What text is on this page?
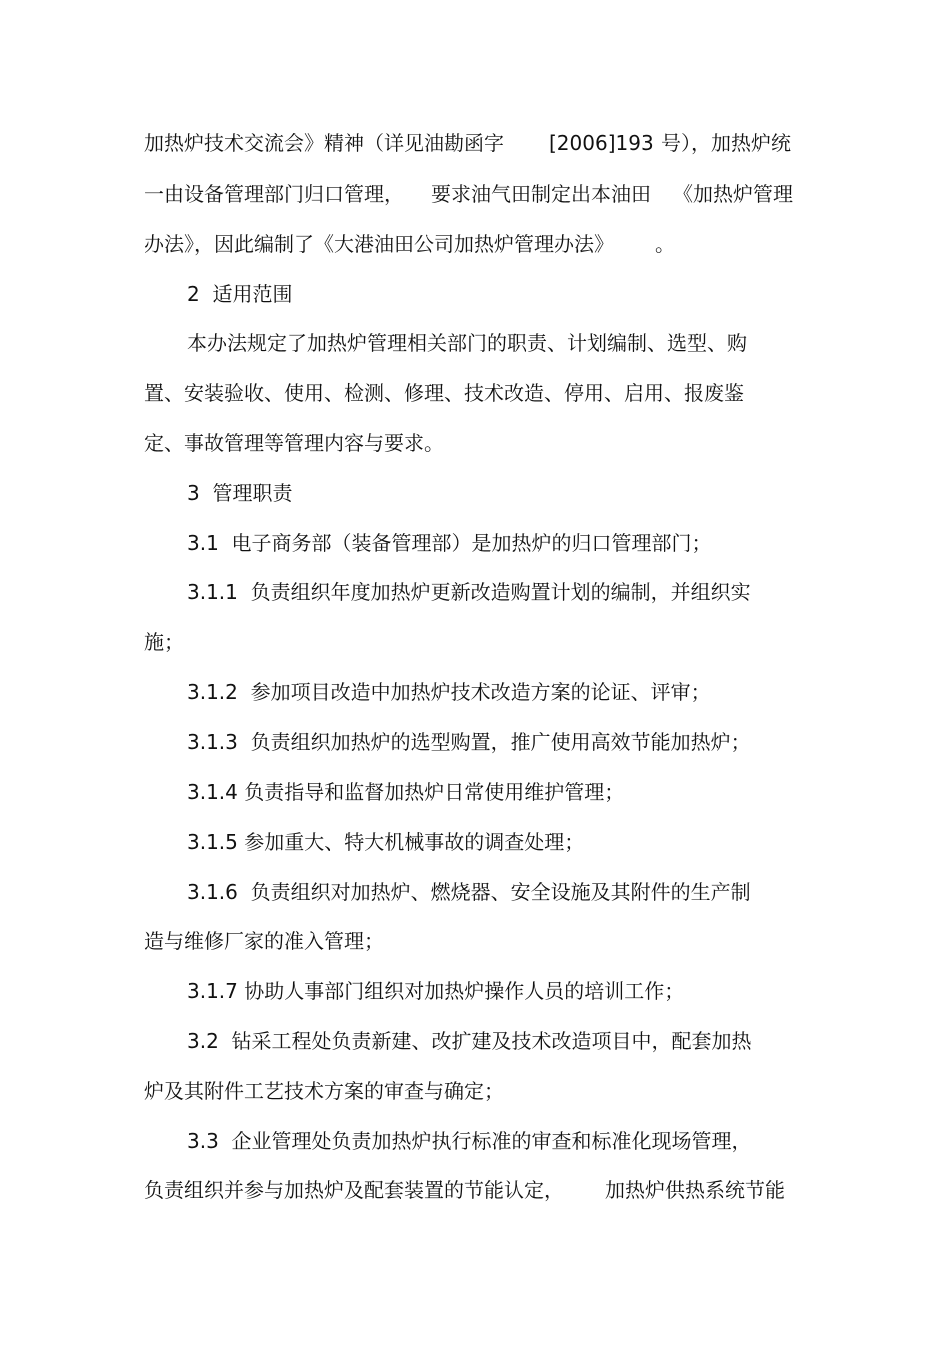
加热炉技术交流会》精神（详见油勘函字

[2006]193

号），加热炉统

一由设备管理部门归口管理，

要求油气田制定出本油田

《加热炉管理

办法》，因此编制了《大港油田公司加热炉管理办法》

。

2  适用范围

本办法规定了加热炉管理相关部门的职责、计划编制、选型、购

置、安装验收、使用、检测、修理、技术改造、停用、启用、报废鉴

定、事故管理等管理内容与要求。

3  管理职责

3.1  电子商务部（装备管理部）是加热炉的归口管理部门；

3.1.1  负责组织年度加热炉更新改造购置计划的编制，并组织实

施；

3.1.2  参加项目改造中加热炉技术改造方案的论证、评审；

3.1.3  负责组织加热炉的选型购置，推广使用高效节能加热炉；

3.1.4 负责指导和监督加热炉日常使用维护管理；

3.1.5 参加重大、特大机械事故的调查处理；

3.1.6  负责组织对加热炉、燃烧器、安全设施及其附件的生产制

造与维修厂家的准入管理；

3.1.7 协助人事部门组织对加热炉操作人员的培训工作；

3.2  钻采工程处负责新建、改扩建及技术改造项目中，配套加热

炉及其附件工艺技术方案的审查与确定；

3.3  企业管理处负责加热炉执行标准的审查和标准化现场管理，

负责组织并参与加热炉及配套装置的节能认定，

加热炉供热系统节能
